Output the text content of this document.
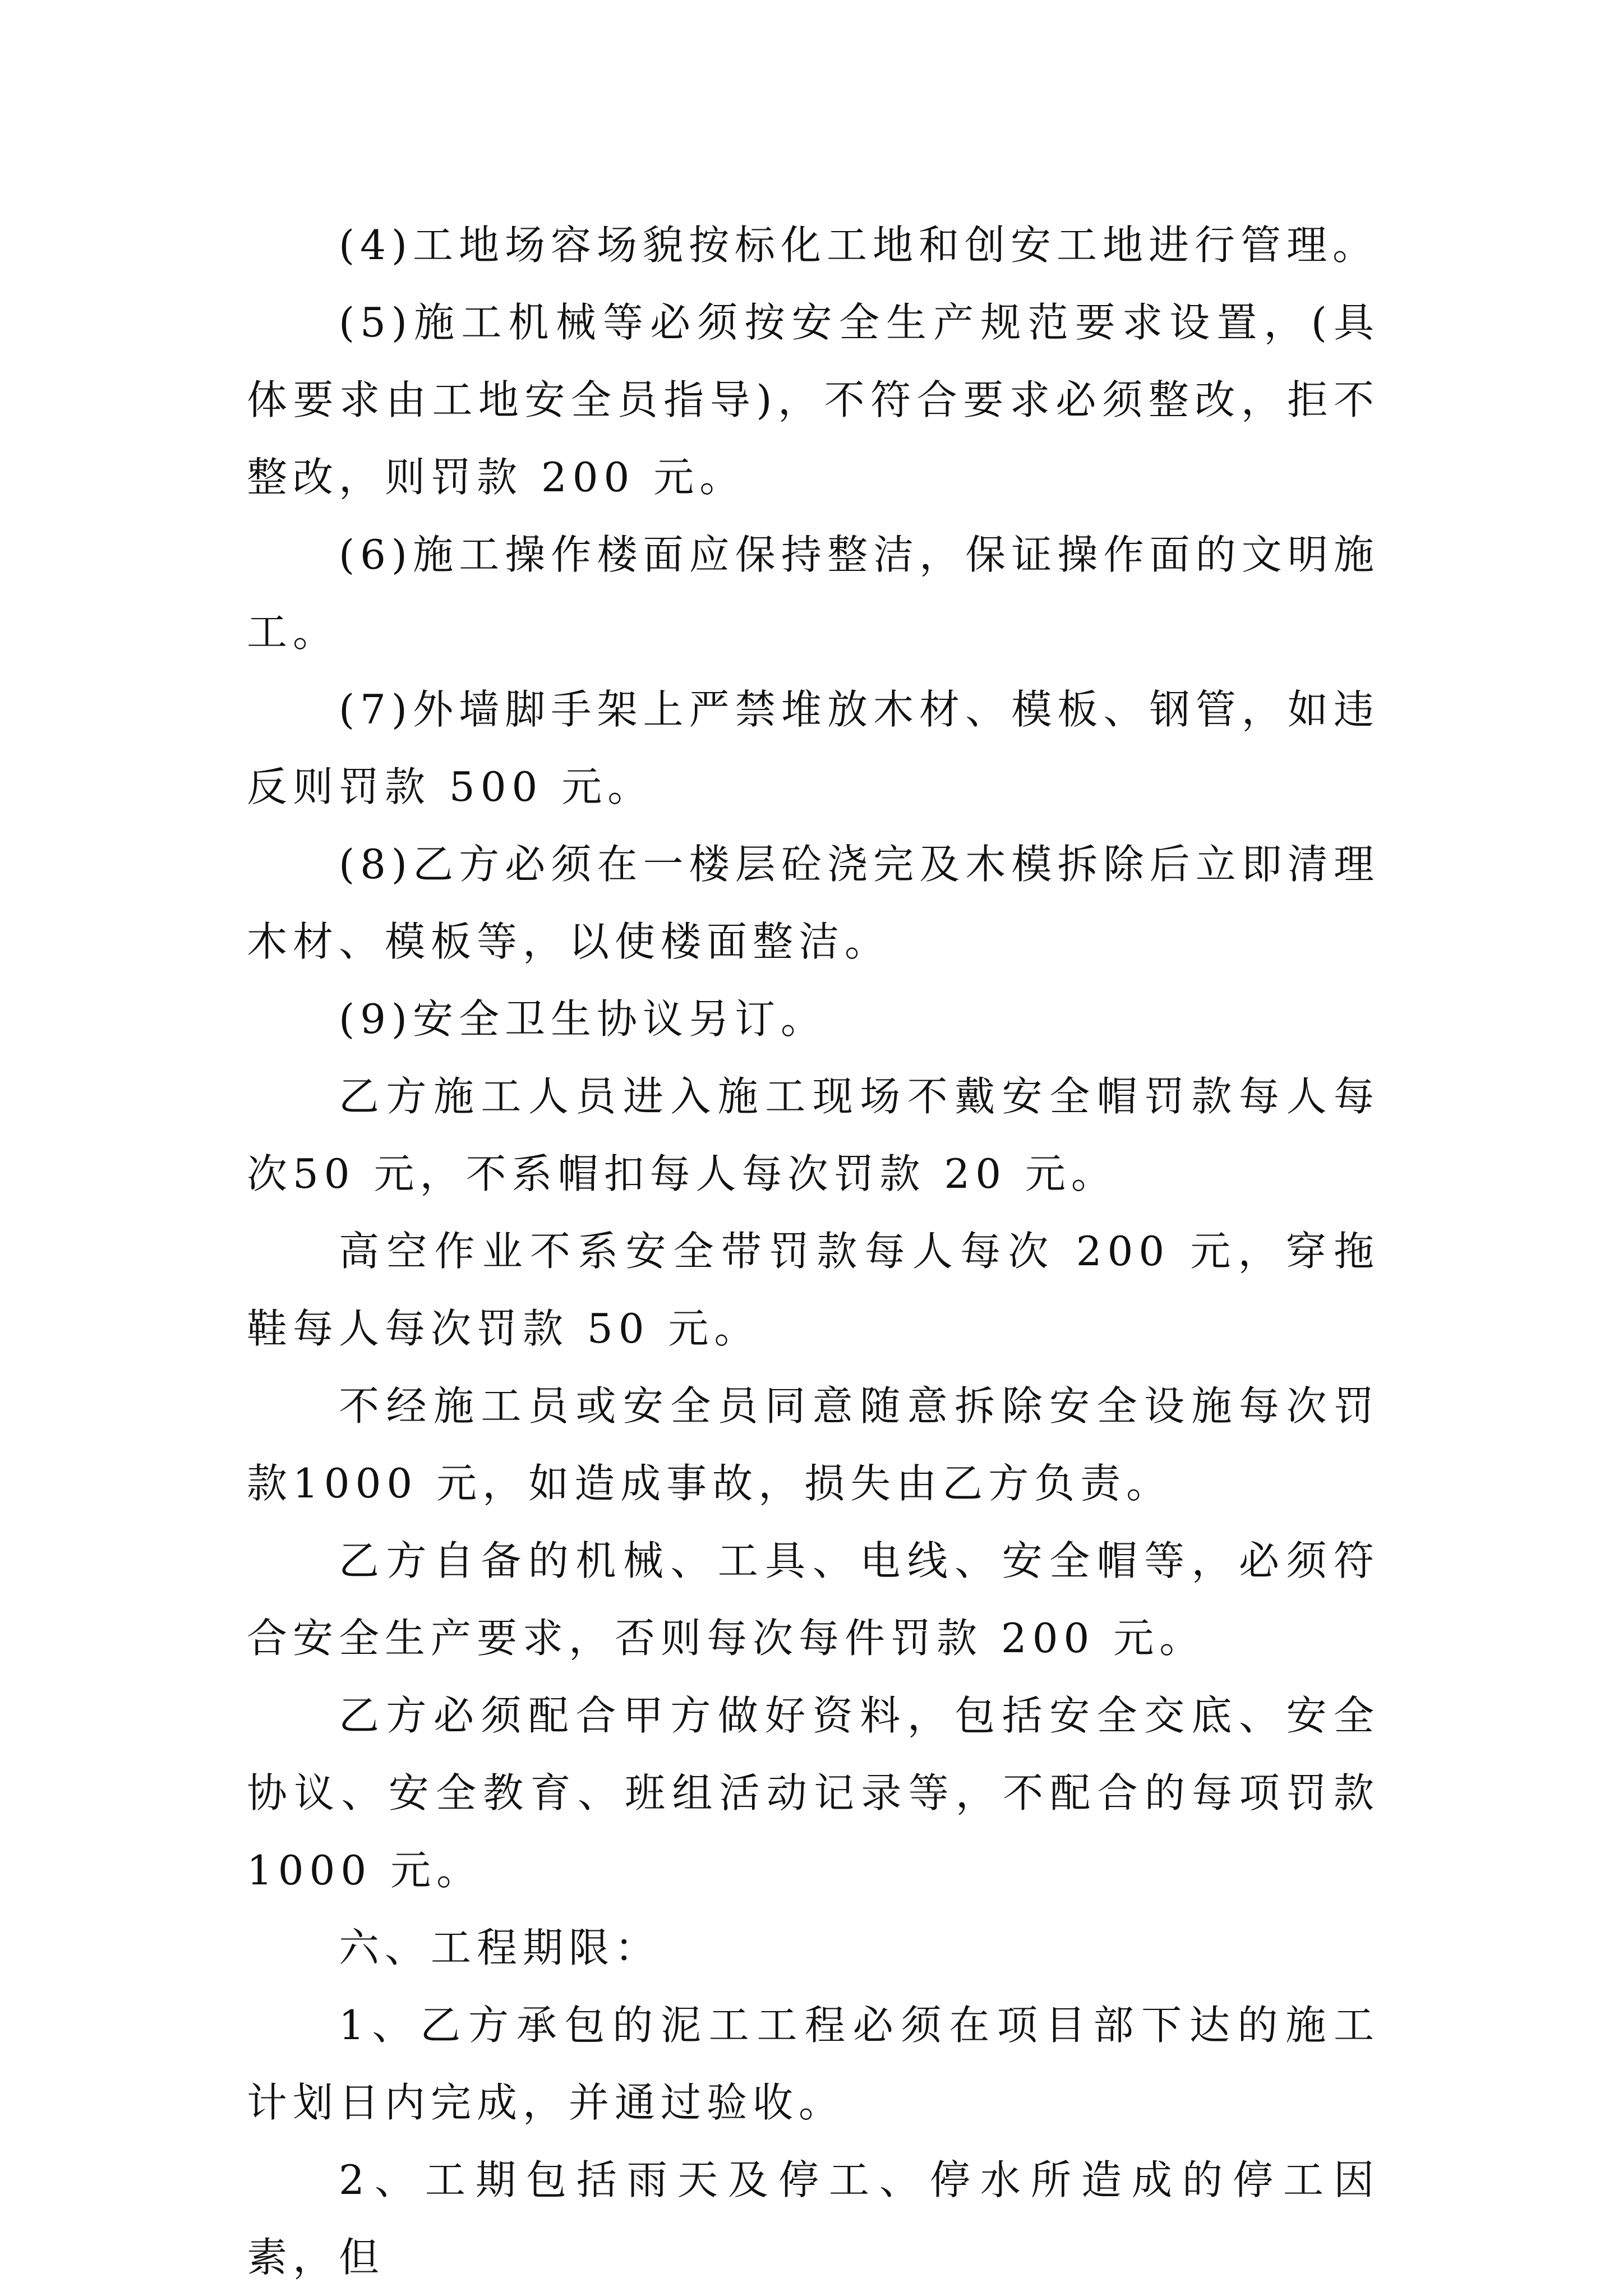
(4)工地场容场貌按标化工地和创安工地进行管理。

(5)施工机械等必须按安全生产规范要求设置，(具体要求由工地安全员指导)，不符合要求必须整改，拒不整改，则罚款 200 元。

(6)施工操作楼面应保持整洁，保证操作面的文明施工。

(7)外墙脚手架上严禁堆放木材、模板、钢管，如违反则罚款 500 元。

(8)乙方必须在一楼层砼浇完及木模拆除后立即清理木材、模板等，以使楼面整洁。

(9)安全卫生协议另订。

乙方施工人员进入施工现场不戴安全帽罚款每人每次50 元，不系帽扣每人每次罚款 20 元。

高空作业不系安全带罚款每人每次 200 元，穿拖鞋每人每次罚款 50 元。

不经施工员或安全员同意随意拆除安全设施每次罚款1000 元，如造成事故，损失由乙方负责。

乙方自备的机械、工具、电线、安全帽等，必须符合安全生产要求，否则每次每件罚款 200 元。

乙方必须配合甲方做好资料，包括安全交底、安全协议、安全教育、班组活动记录等，不配合的每项罚款 1000 元。

六、工程期限：

1、乙方承包的泥工工程必须在项目部下达的施工计划日内完成，并通过验收。

2、工期包括雨天及停工、停水所造成的停工因素，但
